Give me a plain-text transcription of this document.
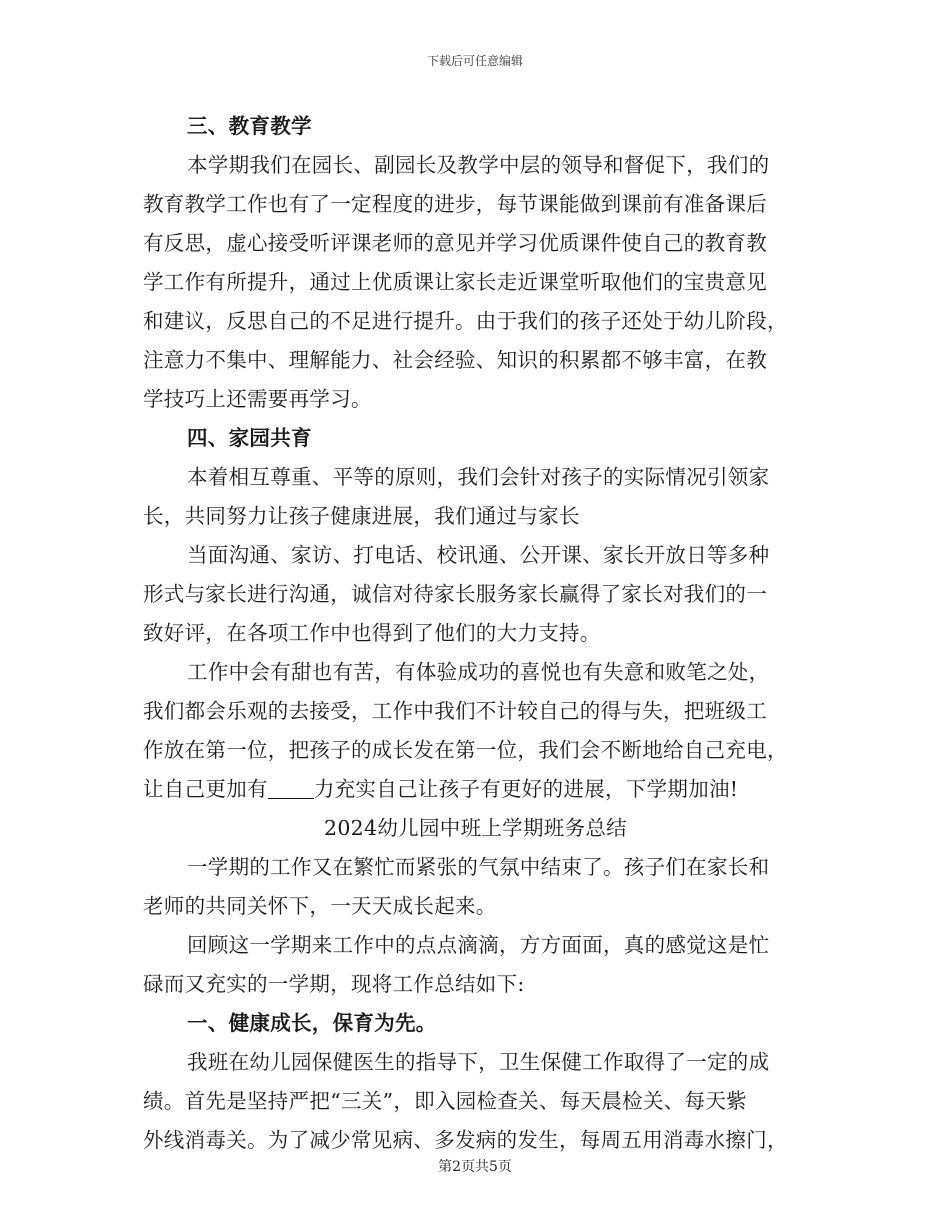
下载后可任意编辑
三、教育教学
本学期我们在园长、副园长及教学中层的领导和督促下，我们的
教育教学工作也有了一定程度的进步，每节课能做到课前有准备课后
有反思，虚心接受听评课老师的意见并学习优质课件使自己的教育教
学工作有所提升，通过上优质课让家长走近课堂听取他们的宝贵意见
和建议，反思自己的不足进行提升。由于我们的孩子还处于幼儿阶段，
注意力不集中、理解能力、社会经验、知识的积累都不够丰富，在教
学技巧上还需要再学习。
四、家园共育
本着相互尊重、平等的原则，我们会针对孩子的实际情况引领家
长，共同努力让孩子健康进展，我们通过与家长
当面沟通、家访、打电话、校讯通、公开课、家长开放日等多种
形式与家长进行沟通，诚信对待家长服务家长赢得了家长对我们的一
致好评，在各项工作中也得到了他们的大力支持。
工作中会有甜也有苦，有体验成功的喜悦也有失意和败笔之处，
我们都会乐观的去接受，工作中我们不计较自己的得与失，把班级工
作放在第一位，把孩子的成长发在第一位，我们会不断地给自己充电，
让自己更加有 力充实自己让孩子有更好的进展，下学期加油!
2024幼儿园中班上学期班务总结
一学期的工作又在繁忙而紧张的气氛中结束了。孩子们在家长和
老师的共同关怀下，一天天成长起来。
回顾这一学期来工作中的点点滴滴，方方面面，真的感觉这是忙
碌而又充实的一学期，现将工作总结如下:
一、健康成长，保育为先。
我班在幼儿园保健医生的指导下，卫生保健工作取得了一定的成
绩。首先是坚持严把“三关”，即入园检查关、每天晨检关、每天紫
外线消毒关。为了减少常见病、多发病的发生，每周五用消毒水擦门，
第2页共5页
